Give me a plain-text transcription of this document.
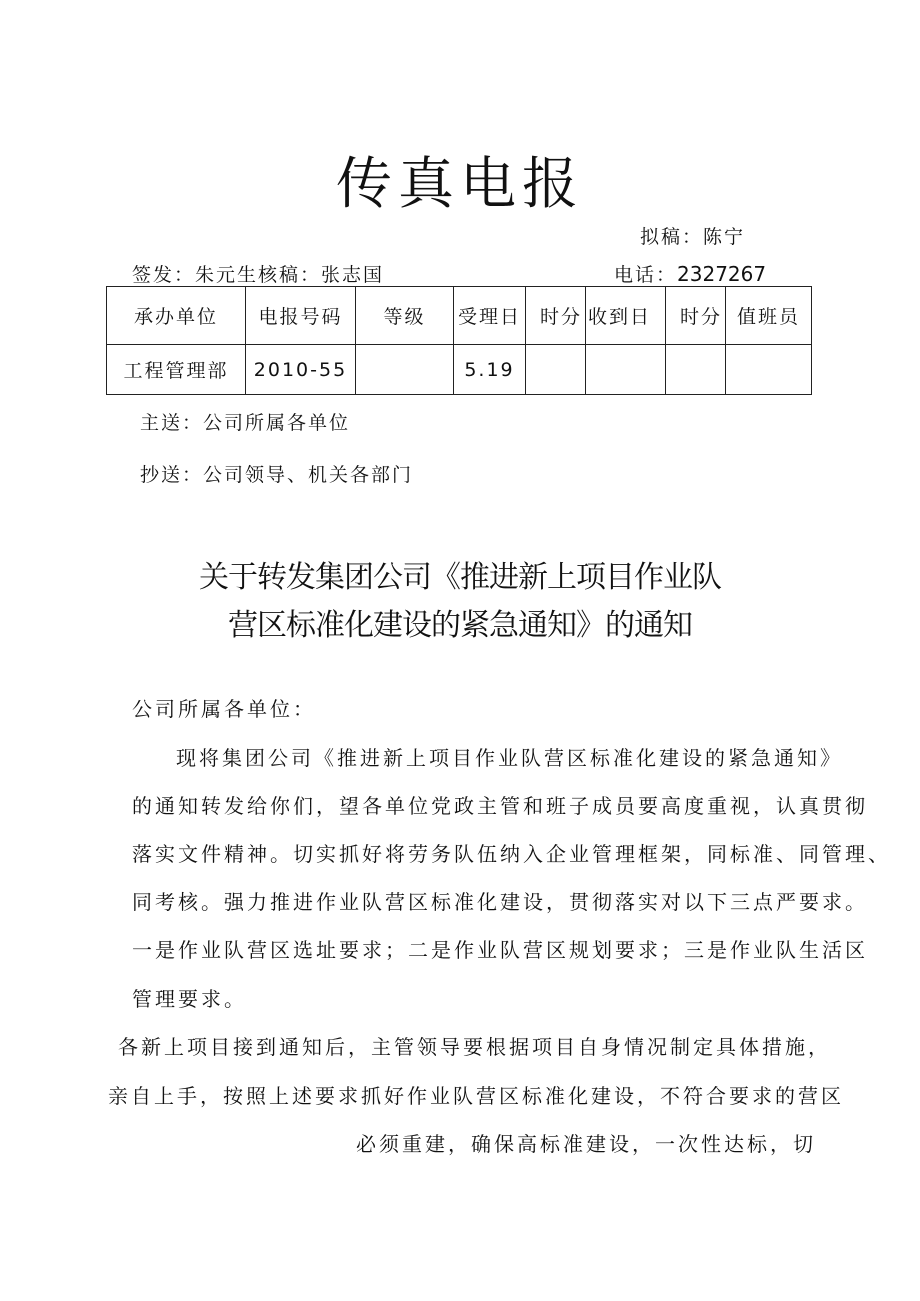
传真电报
拟稿：陈宁
签发：朱元生核稿：张志国	电话：2327267
承办单位	电报号码	等级	受理日	时分	收到日	时分	值班员
工程管理部	2010-55		5.19				
主送：公司所属各单位
抄送：公司领导、机关各部门
关于转发集团公司《推进新上项目作业队
营区标准化建设的紧急通知》的通知
公司所属各单位：
现将集团公司《推进新上项目作业队营区标准化建设的紧急通知》
的通知转发给你们，望各单位党政主管和班子成员要高度重视，认真贯彻
落实文件精神。切实抓好将劳务队伍纳入企业管理框架，同标准、同管理、
同考核。强力推进作业队营区标准化建设，贯彻落实对以下三点严要求。
一是作业队营区选址要求；二是作业队营区规划要求；三是作业队生活区
管理要求。
各新上项目接到通知后，主管领导要根据项目自身情况制定具体措施，
亲自上手，按照上述要求抓好作业队营区标准化建设，不符合要求的营区
必须重建，确保高标准建设，一次性达标，切
